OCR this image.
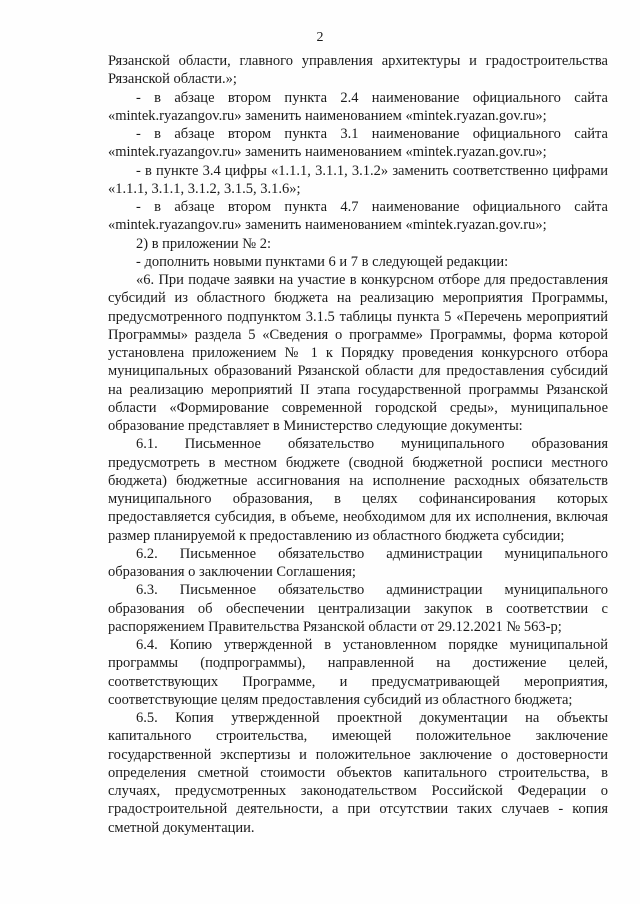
2

Рязанской области, главного управления архитектуры и градостроительства Рязанской области.»;

- в абзаце втором пункта 2.4 наименование официального сайта «mintek.ryazangov.ru» заменить наименованием «mintek.ryazan.gov.ru»;

- в абзаце втором пункта 3.1 наименование официального сайта «mintek.ryazangov.ru» заменить наименованием «mintek.ryazan.gov.ru»;

- в пункте 3.4 цифры «1.1.1, 3.1.1, 3.1.2» заменить соответственно цифрами «1.1.1, 3.1.1, 3.1.2, 3.1.5, 3.1.6»;

- в абзаце втором пункта 4.7 наименование официального сайта «mintek.ryazangov.ru» заменить наименованием «mintek.ryazan.gov.ru»;

2) в приложении № 2:

- дополнить новыми пунктами 6 и 7 в следующей редакции:

«6. При подаче заявки на участие в конкурсном отборе для предоставления субсидий из областного бюджета на реализацию мероприятия Программы, предусмотренного подпунктом 3.1.5 таблицы пункта 5 «Перечень мероприятий Программы» раздела 5 «Сведения о программе» Программы, форма которой установлена приложением № 1 к Порядку проведения конкурсного отбора муниципальных образований Рязанской области для предоставления субсидий на реализацию мероприятий II этапа государственной программы Рязанской области «Формирование современной городской среды», муниципальное образование представляет в Министерство следующие документы:

6.1. Письменное обязательство муниципального образования предусмотреть в местном бюджете (сводной бюджетной росписи местного бюджета) бюджетные ассигнования на исполнение расходных обязательств муниципального образования, в целях софинансирования которых предоставляется субсидия, в объеме, необходимом для их исполнения, включая размер планируемой к предоставлению из областного бюджета субсидии;

6.2. Письменное обязательство администрации муниципального образования о заключении Соглашения;

6.3. Письменное обязательство администрации муниципального образования об обеспечении централизации закупок в соответствии с распоряжением Правительства Рязанской области от 29.12.2021 № 563-р;

6.4. Копию утвержденной в установленном порядке муниципальной программы (подпрограммы), направленной на достижение целей, соответствующих Программе, и предусматривающей мероприятия, соответствующие целям предоставления субсидий из областного бюджета;

6.5. Копия утвержденной проектной документации на объекты капитального строительства, имеющей положительное заключение государственной экспертизы и положительное заключение о достоверности определения сметной стоимости объектов капитального строительства, в случаях, предусмотренных законодательством Российской Федерации о градостроительной деятельности, а при отсутствии таких случаев - копия сметной документации.
